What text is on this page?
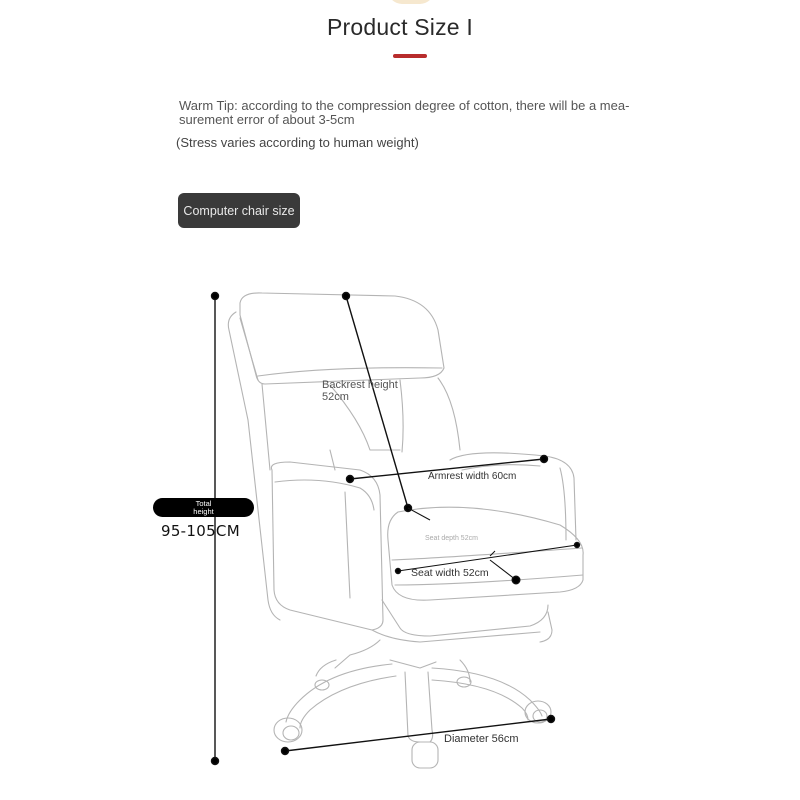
Product Size I
Warm Tip: according to the compression degree of cotton, there will be a mea-
surement error of about 3-5cm
(Stress varies according to human weight)
Computer chair size
Total
height
95-105CM
Backrest height
52cm
Armrest width 60cm
Seat depth 52cm
Seat width 52cm
Diameter 56cm
